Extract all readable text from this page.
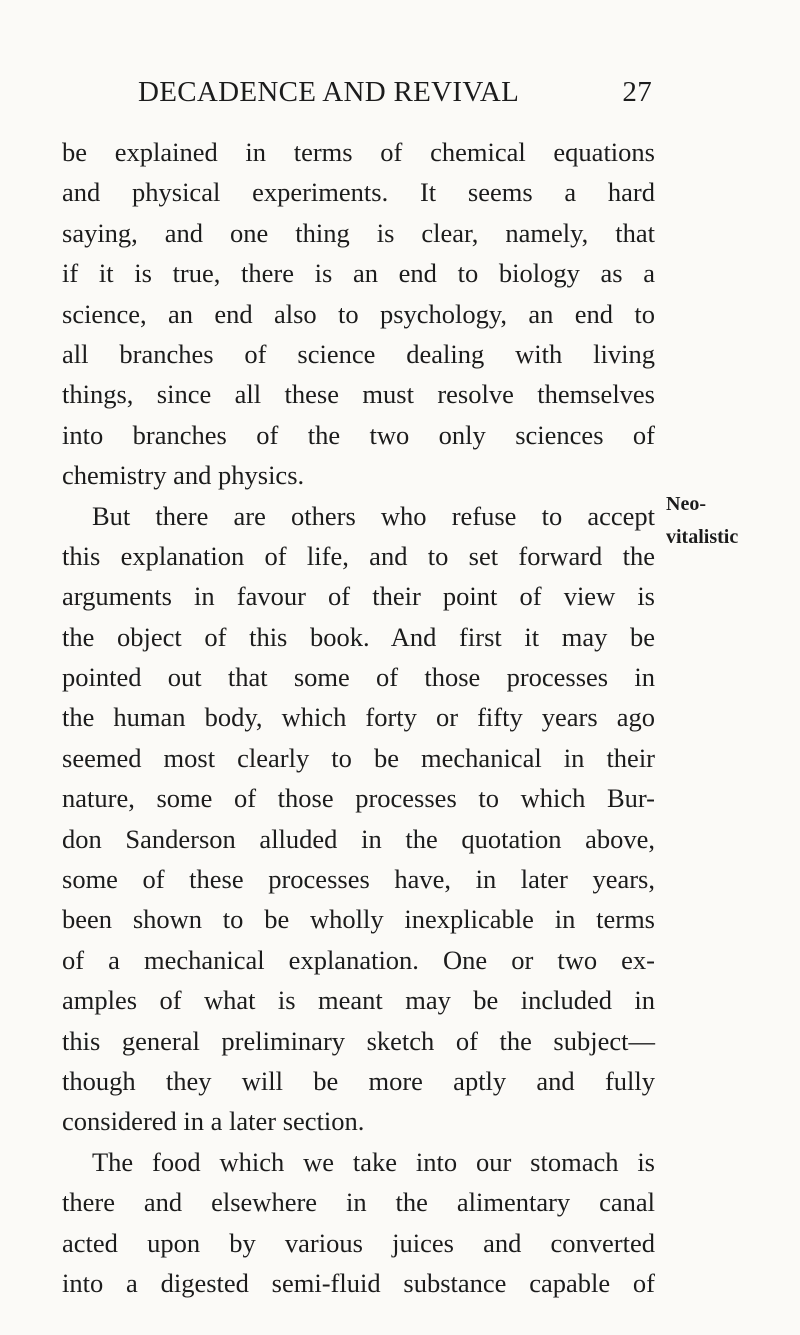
DECADENCE AND REVIVAL	27
be explained in terms of chemical equations
and physical experiments. It seems a hard
saying, and one thing is clear, namely, that
if it is true, there is an end to biology as a
science, an end also to psychology, an end to
all branches of science dealing with living
things, since all these must resolve themselves
into branches of the two only sciences of
chemistry and physics.
But there are others who refuse to accept
this explanation of life, and to set forward the
arguments in favour of their point of view is
the object of this book. And first it may be
pointed out that some of those processes in
the human body, which forty or fifty years ago
seemed most clearly to be mechanical in their
nature, some of those processes to which Bur-
don Sanderson alluded in the quotation above,
some of these processes have, in later years,
been shown to be wholly inexplicable in terms
of a mechanical explanation. One or two ex-
amples of what is meant may be included in
this general preliminary sketch of the subject—
though they will be more aptly and fully
considered in a later section.
The food which we take into our stomach is
there and elsewhere in the alimentary canal
acted upon by various juices and converted
into a digested semi-fluid substance capable of
Neo-
vitalistic
